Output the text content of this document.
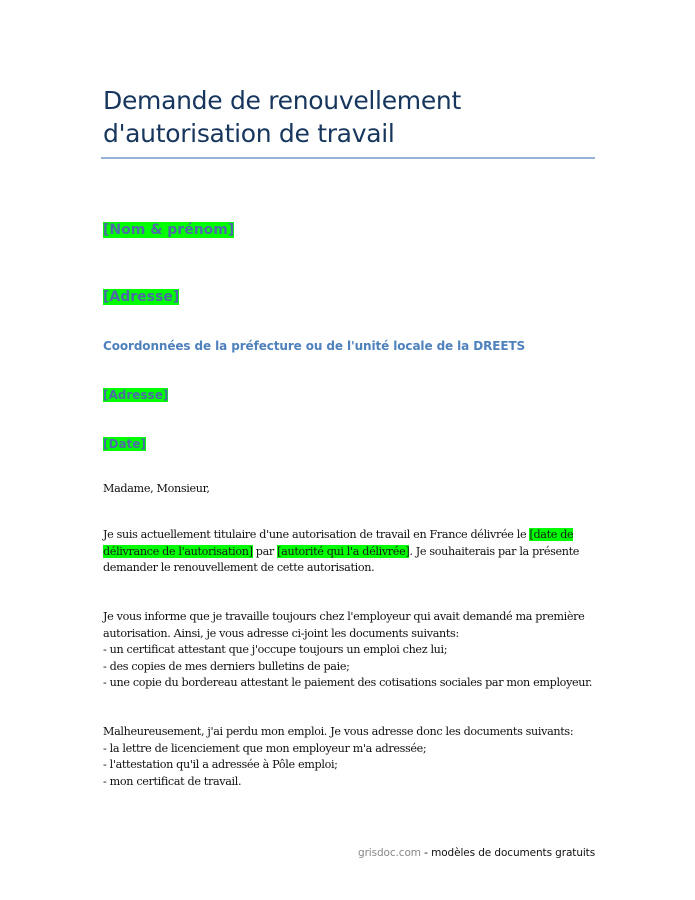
Demande de renouvellement
d'autorisation de travail
[Nom & prénom]
[Adresse]
Coordonnées de la préfecture ou de l'unité locale de la DREETS
[Adresse]
[Date]
Madame, Monsieur,
Je suis actuellement titulaire d'une autorisation de travail en France délivrée le [date de
délivrance de l'autorisation] par [autorité qui l'a délivrée]. Je souhaiterais par la présente
demander le renouvellement de cette autorisation.
Je vous informe que je travaille toujours chez l'employeur qui avait demandé ma première
autorisation. Ainsi, je vous adresse ci-joint les documents suivants:
- un certificat attestant que j'occupe toujours un emploi chez lui;
- des copies de mes derniers bulletins de paie;
- une copie du bordereau attestant le paiement des cotisations sociales par mon employeur.
Malheureusement, j'ai perdu mon emploi. Je vous adresse donc les documents suivants:
- la lettre de licenciement que mon employeur m'a adressée;
- l'attestation qu'il a adressée à Pôle emploi;
- mon certificat de travail.
grisdoc.com - modèles de documents gratuits
